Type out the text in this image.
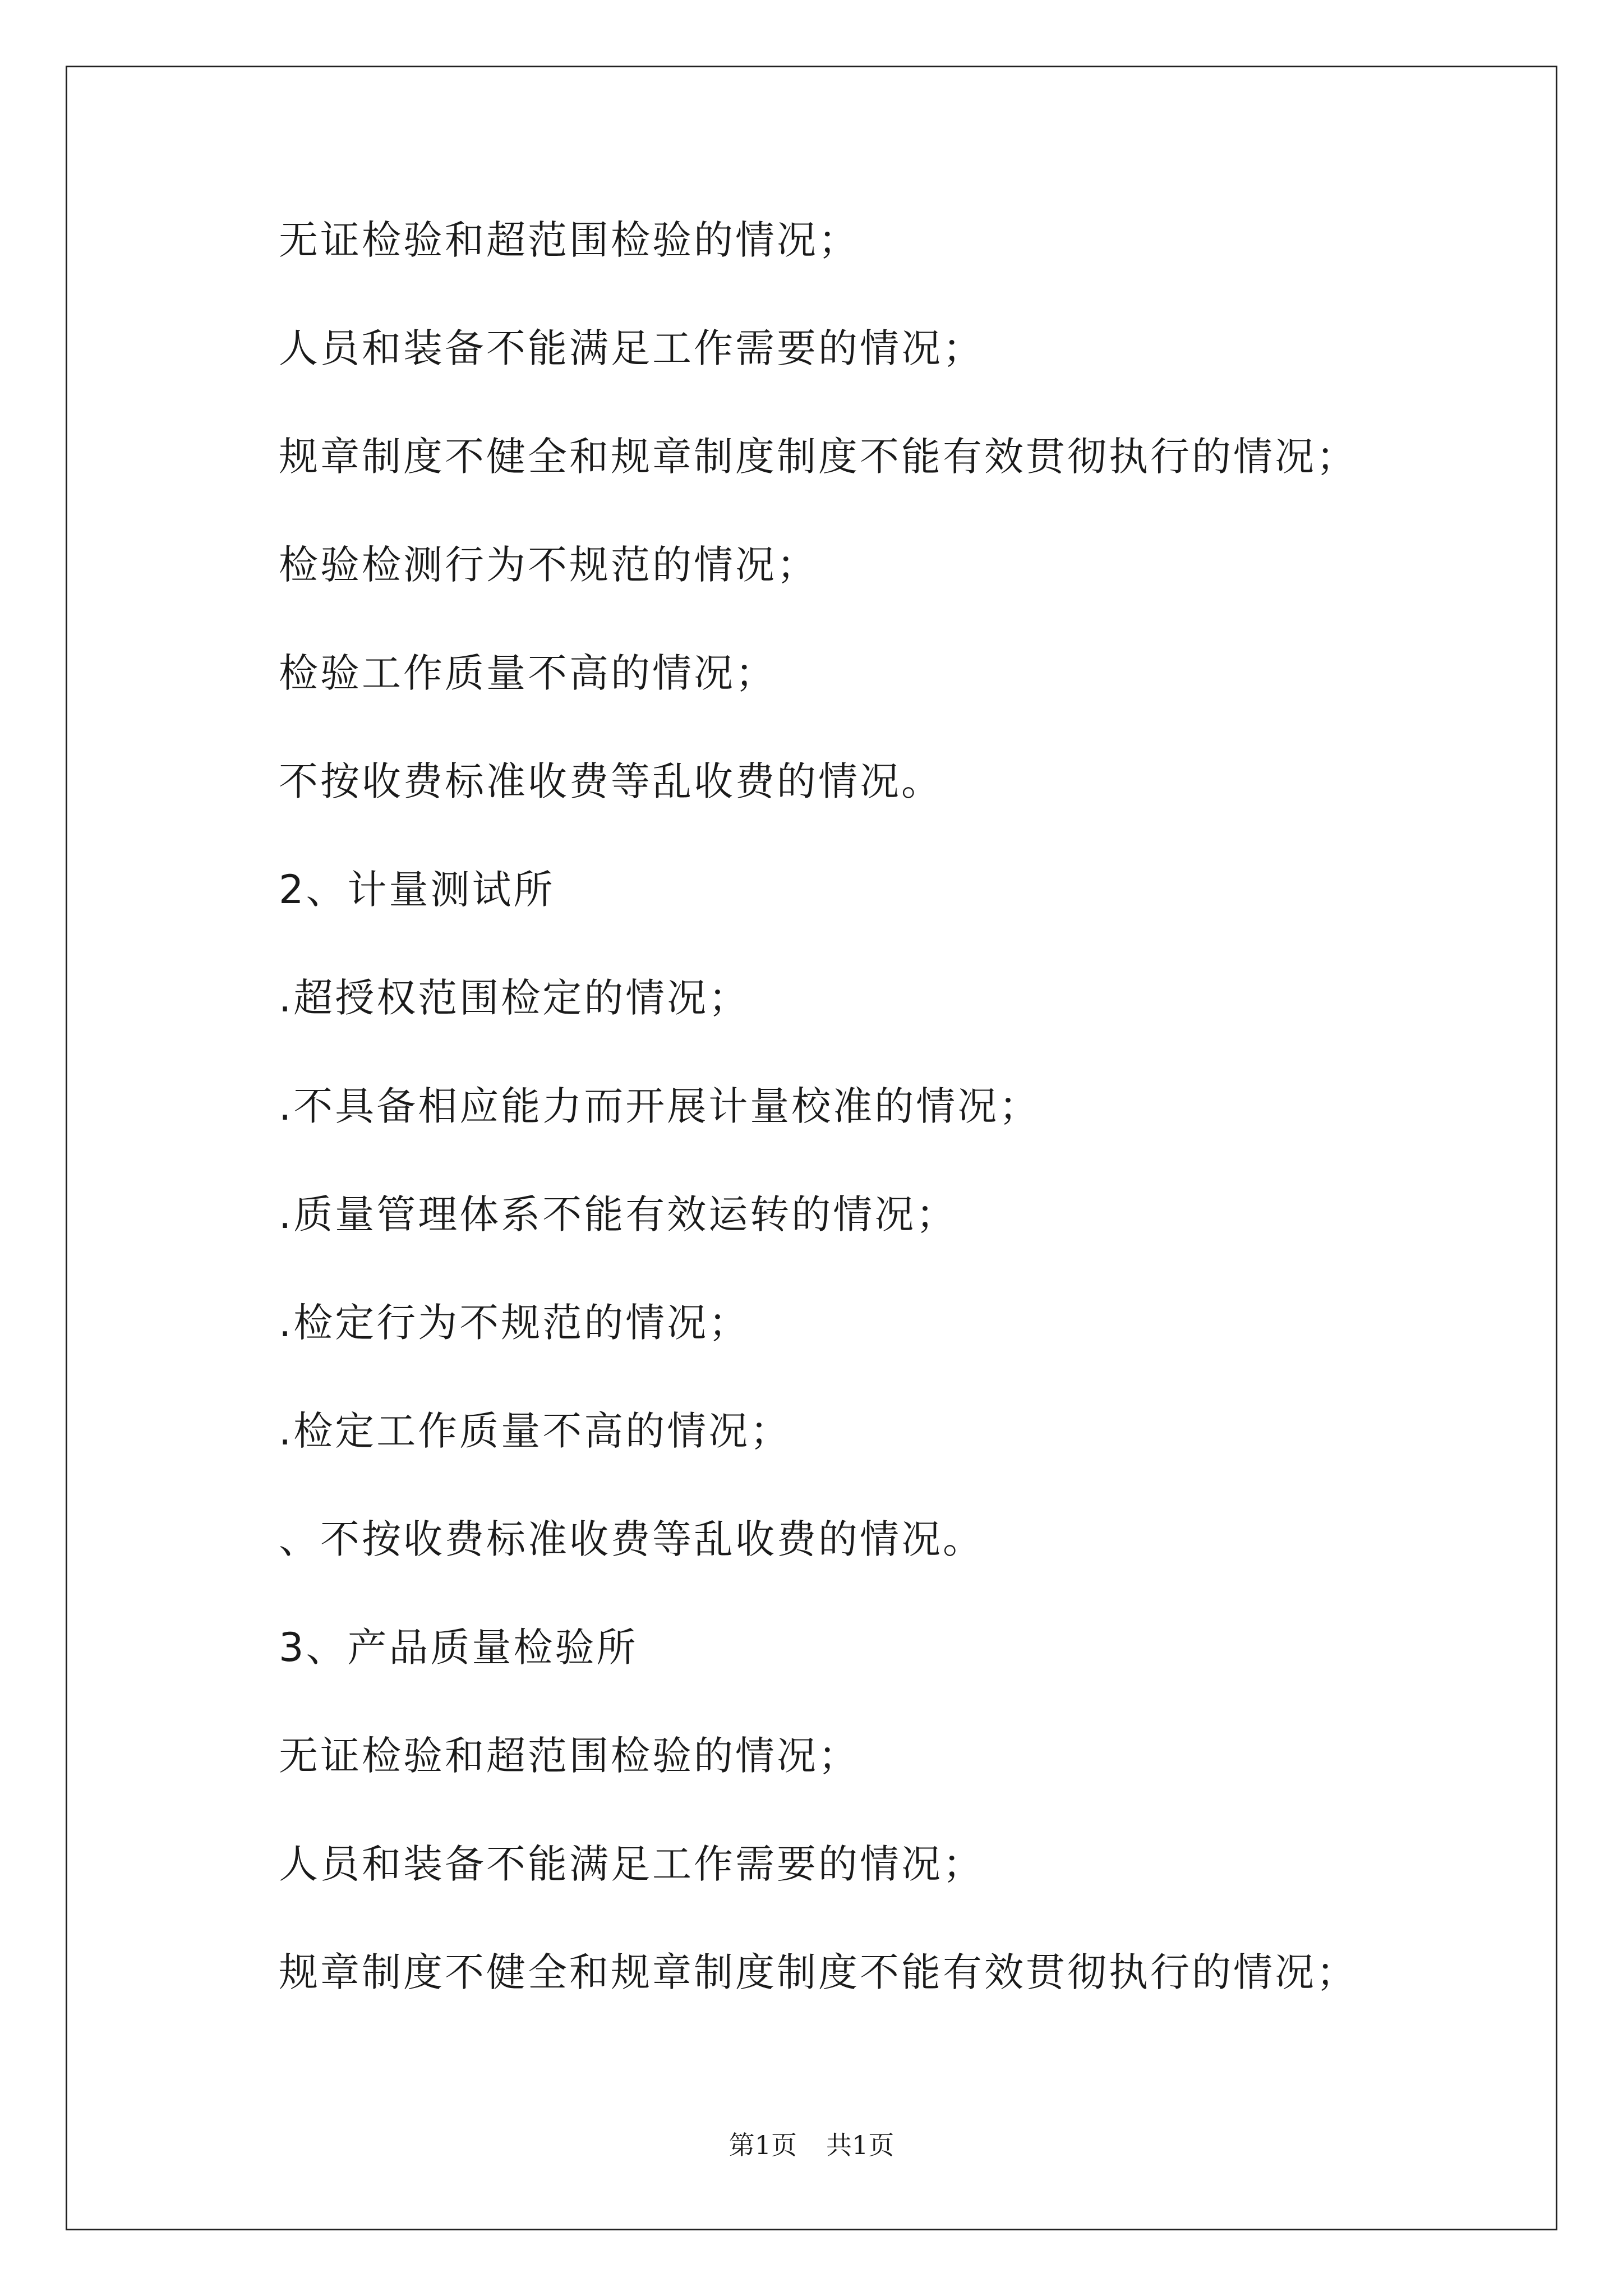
无证检验和超范围检验的情况；
人员和装备不能满足工作需要的情况；
规章制度不健全和规章制度制度不能有效贯彻执行的情况；
检验检测行为不规范的情况；
检验工作质量不高的情况；
不按收费标准收费等乱收费的情况。
2、计量测试所
.超授权范围检定的情况；
.不具备相应能力而开展计量校准的情况；
.质量管理体系不能有效运转的情况；
.检定行为不规范的情况；
.检定工作质量不高的情况；
、不按收费标准收费等乱收费的情况。
3、产品质量检验所
无证检验和超范围检验的情况；
人员和装备不能满足工作需要的情况；
规章制度不健全和规章制度制度不能有效贯彻执行的情况；
第1页 共1页
